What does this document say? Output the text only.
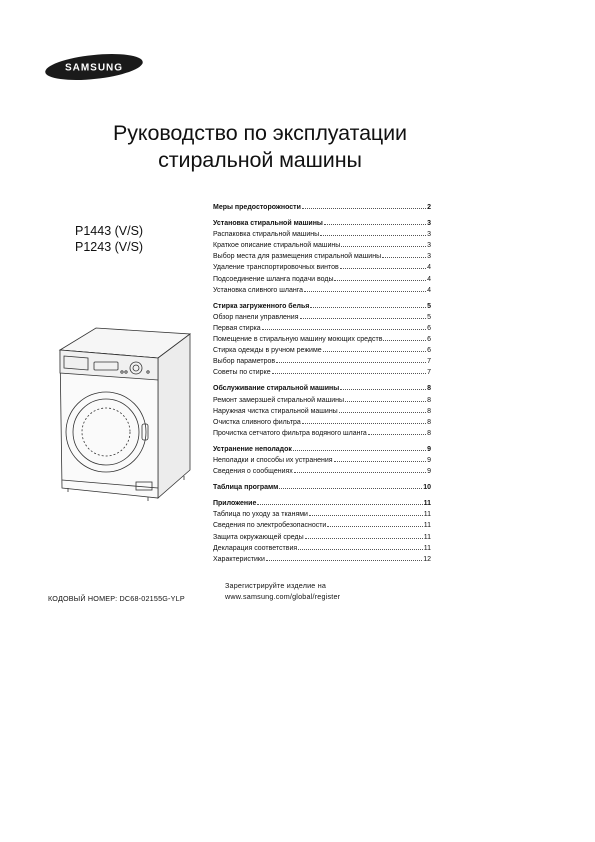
SAMSUNG
Руководство по эксплуатации
стиральной машины
P1443 (V/S)
P1243 (V/S)
Меры предосторожности	2
Установка стиральной машины	3
Распаковка стиральной машины	3
Краткое описание стиральной машины	3
Выбор места для размещения стиральной машины	3
Удаление транспортировочных винтов	4
Подсоединение шланга подачи воды	4
Установка сливного шланга	4
Стирка загруженного белья	5
Обзор панели управления	5
Первая стирка	6
Помещение в стиральную машину моющих средств	6
Стирка одежды в ручном режиме	6
Выбор параметров	7
Советы по стирке	7
Обслуживание стиральной машины	8
Ремонт замерзшей стиральной машины	8
Наружная чистка стиральной машины	8
Очистка сливного фильтра	8
Прочистка сетчатого фильтра водяного шланга	8
Устранение неполадок	9
Неполадки и способы их устранения	9
Сведения о сообщениях	9
Таблица программ	10
Приложение	11
Таблица по уходу за тканями	11
Сведения по электробезопасности	11
Защита окружающей среды	11
Декларация соответствия	11
Характеристики	12
КОДОВЫЙ НОМЕР: DC68-02155G-YLP
Зарегистрируйте изделие на
www.samsung.com/global/register
